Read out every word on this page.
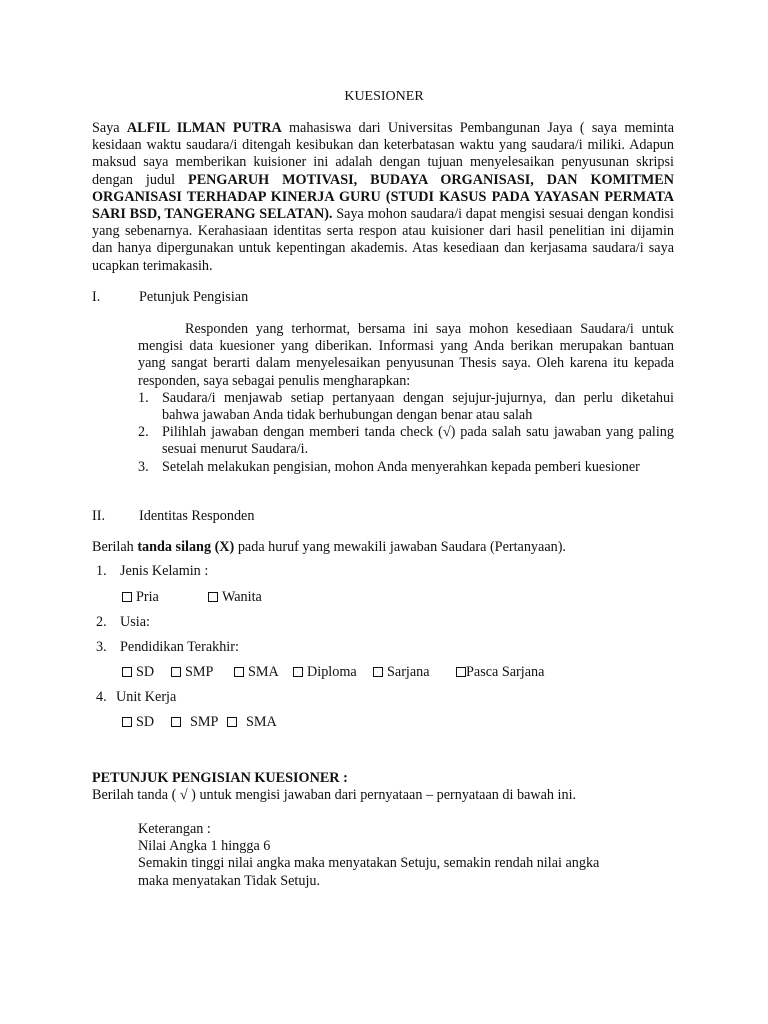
KUESIONER
Saya ALFIL ILMAN PUTRA mahasiswa dari Universitas Pembangunan Jaya ( saya meminta kesidaan waktu saudara/i ditengah kesibukan dan keterbatasan waktu yang saudara/i miliki. Adapun maksud saya memberikan kuisioner ini adalah dengan tujuan menyelesaikan penyusunan skripsi dengan judul PENGARUH MOTIVASI, BUDAYA ORGANISASI, DAN KOMITMEN ORGANISASI TERHADAP KINERJA GURU (STUDI KASUS PADA YAYASAN PERMATA SARI BSD, TANGERANG SELATAN). Saya mohon saudara/i dapat mengisi sesuai dengan kondisi yang sebenarnya. Kerahasiaan identitas serta respon atau kuisioner dari hasil penelitian ini dijamin dan hanya dipergunakan untuk kepentingan akademis. Atas kesediaan dan kerjasama saudara/i saya ucapkan terimakasih.
I.	Petunjuk Pengisian

Responden yang terhormat, bersama ini saya mohon kesediaan Saudara/i untuk mengisi data kuesioner yang diberikan. Informasi yang Anda berikan merupakan bantuan yang sangat berarti dalam menyelesaikan penyusunan Thesis saya. Oleh karena itu kepada responden, saya sebagai penulis mengharapkan:

1. Saudara/i menjawab setiap pertanyaan dengan sejujur-jujurnya, dan perlu diketahui bahwa jawaban Anda tidak berhubungan dengan benar atau salah
2. Pilihlah jawaban dengan memberi tanda check (√) pada salah satu jawaban yang paling sesuai menurut Saudara/i.
3. Setelah melakukan pengisian, mohon Anda menyerahkan kepada pemberi kuesioner
II. Identitas Responden
Berilah tanda silang (X) pada huruf yang mewakili jawaban Saudara (Pertanyaan).
1. Jenis Kelamin :
Pria	Wanita
2. Usia:
3. Pendidikan Terakhir:
SD	SMP	SMA	Diploma	Sarjana	Pasca Sarjana
4. Unit Kerja
SD	SMP	SMA
PETUNJUK PENGISIAN KUESIONER :
Berilah tanda ( √ ) untuk mengisi jawaban dari pernyataan – pernyataan di bawah ini.
Keterangan :
Nilai Angka 1 hingga 6
Semakin tinggi nilai angka maka menyatakan Setuju, semakin rendah nilai angka
maka menyatakan Tidak Setuju.
